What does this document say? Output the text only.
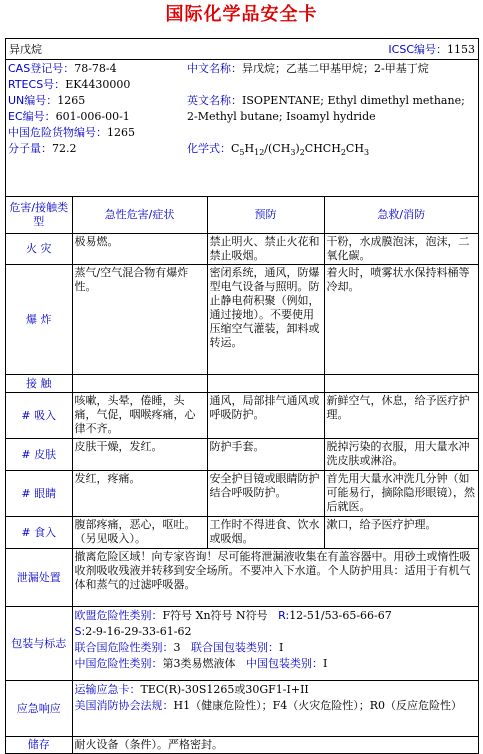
国际化学品安全卡
异戊烷	ICSC编号：1153
CAS登记号：78-78-4
RTECS号：EK4430000
UN编号：1265
EC编号：601-006-00-1
中国危险货物编号：1265
分子量：72.2
中文名称：异戊烷；乙基二甲基甲烷；2-甲基丁烷
英文名称：ISOPENTANE; Ethyl dimethyl methane; 2-Methyl butane; Isoamyl hydride
化学式：$C_5H_{12}/(CH_3)_2CHCH_2CH_3$
危害/接触类型	急性危害/症状	预防	急救/消防
火 灾	极易燃。	禁止明火、禁止火花和禁止吸烟。	干粉，水成膜泡沫，泡沫，二氧化碳。
爆 炸	蒸气/空气混合物有爆炸性。	密闭系统，通风，防爆型电气设备与照明。防止静电荷积聚（例如，通过接地）。不要使用压缩空气灌装，卸料或转运。	着火时，喷雾状水保持料桶等冷却。
接 触			
# 吸入	咳嗽，头晕，倦睡，头痛，气促，咽喉疼痛，心律不齐。	通风，局部排气通风或呼吸防护。	新鲜空气，休息，给予医疗护理。
# 皮肤	皮肤干燥，发红。	防护手套。	脱掉污染的衣服，用大量水冲洗皮肤或淋浴。
# 眼睛	发红，疼痛。	安全护目镜或眼睛防护结合呼吸防护。	首先用大量水冲洗几分钟（如可能易行，摘除隐形眼镜），然后就医。
# 食入	腹部疼痛，恶心，呕吐。（另见吸入）。	工作时不得进食、饮水或吸烟。	漱口，给予医疗护理。
泄漏处置	撤离危险区域！向专家咨询！尽可能将泄漏液收集在有盖容器中。用砂土或惰性吸收剂吸收残液并转移到安全场所。不要冲入下水道。个人防护用具：适用于有机气体和蒸气的过滤呼吸器。		
包装与标志	欧盟危险性类别：F符号 Xn符号 N符号 R:12-51/53-65-66-67
S:2-9-16-29-33-61-62
联合国危险性类别：3 联合国包装类别：I
中国危险性类别：第3类易燃液体 中国包装类别：I		

应急响应	运输应急卡：TEC(R)-30S1265或30GF1-I+II
美国消防协会法规：H1（健康危险性）；F4（火灾危险性）；R0（反应危险性）		

储存	耐火设备（条件）。严格密封。		
